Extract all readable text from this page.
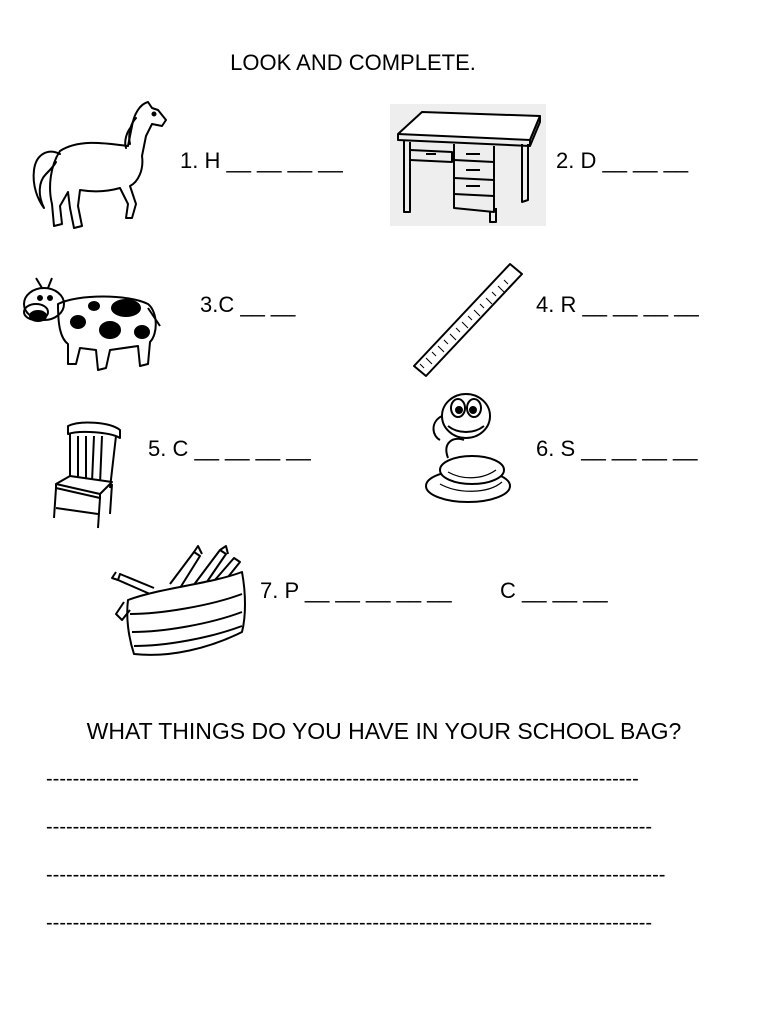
LOOK AND COMPLETE.
1. H __ __ __ __	2. D __ __ __
3.C __ __	4. R __ __ __ __
5. C __ __ __ __	6. S __ __ __ __
7. P __ __ __ __ __ C __ __ __
WHAT THINGS DO YOU HAVE IN YOUR SCHOOL BAG?
-----------------------------------------------------------------------------------------
-------------------------------------------------------------------------------------------
---------------------------------------------------------------------------------------------
-------------------------------------------------------------------------------------------
